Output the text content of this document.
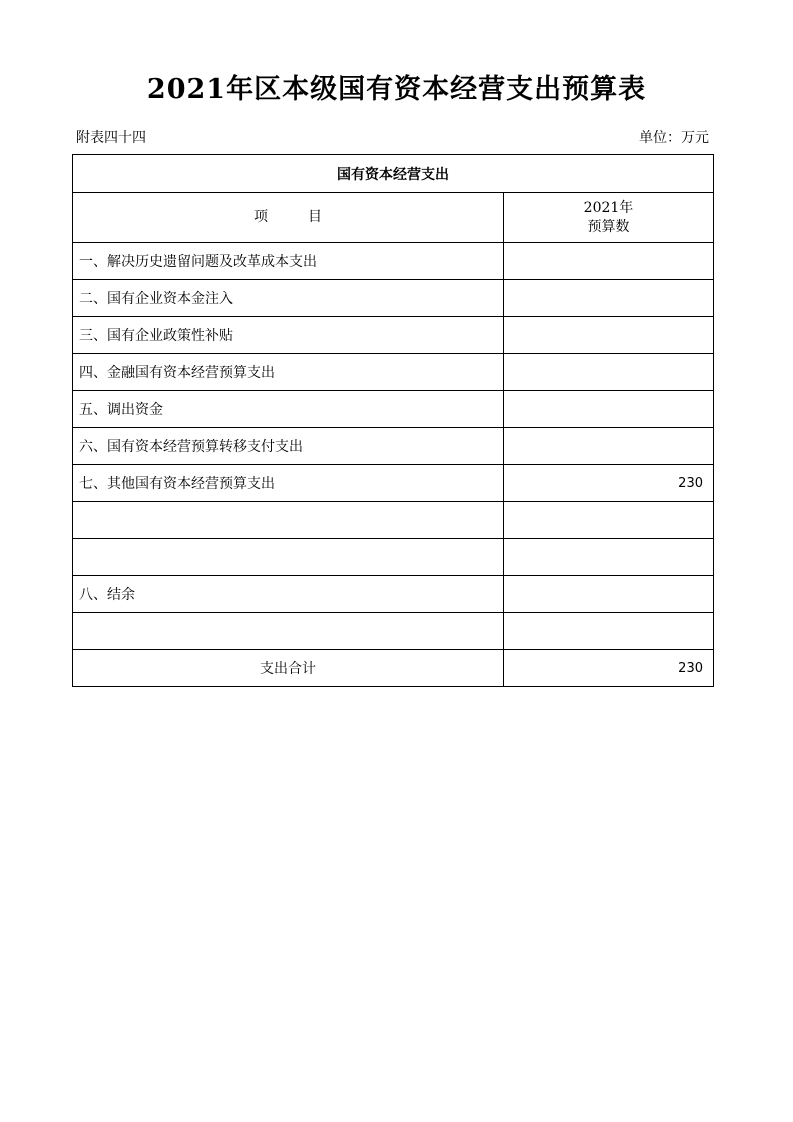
2021年区本级国有资本经营支出预算表
附表四十四	单位：万元
国有资本经营支出	
项目	2021年
预算数

一、解决历史遗留问题及改革成本支出	
二、国有企业资本金注入	
三、国有企业政策性补贴	
四、金融国有资本经营预算支出	
五、调出资金	
六、国有资本经营预算转移支付支出	
七、其他国有资本经营预算支出	230

八、结余	

支出合计	230
